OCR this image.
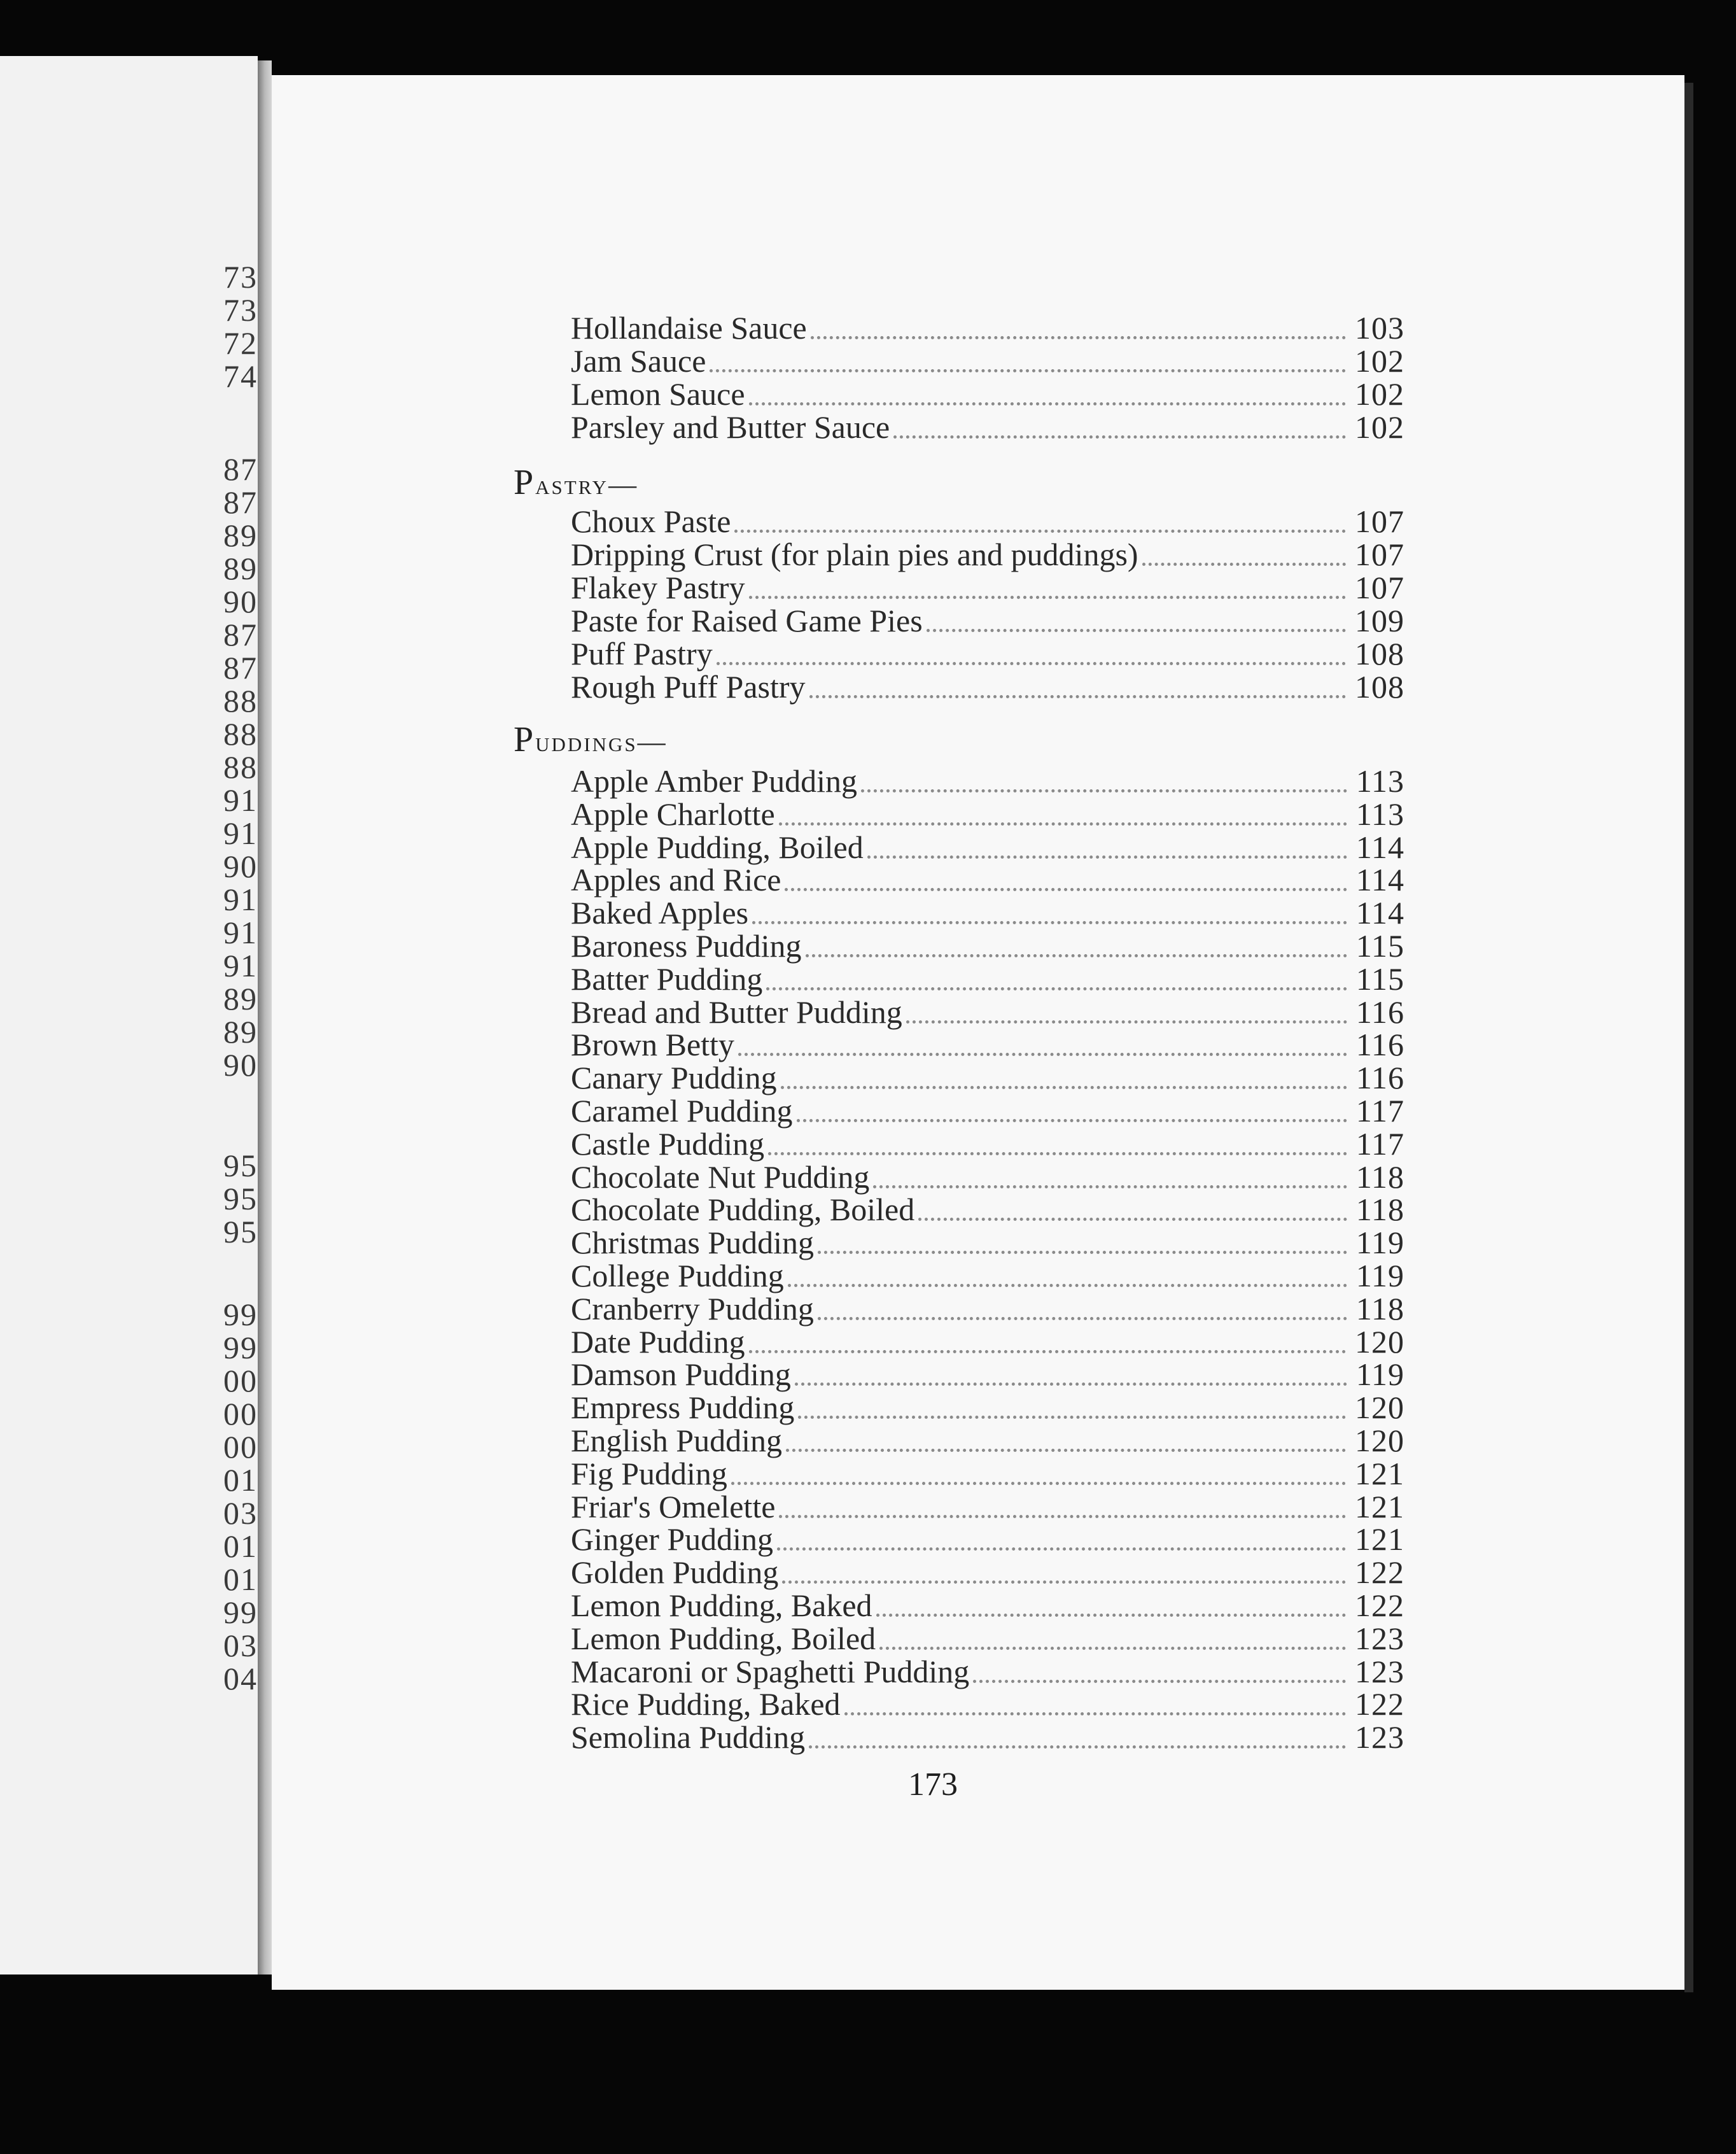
73
73
72
74
87
87
89
89
90
87
87
88
88
88
91
91
90
91
91
91
89
89
90
95
95
95
99
99
00
00
00
01
03
01
01
99
03
04
Hollandaise Sauce	103
Jam Sauce	102
Lemon Sauce	102
Parsley and Butter Sauce	102
Pastry—
Choux Paste	107
Dripping Crust (for plain pies and puddings)	107
Flakey Pastry	107
Paste for Raised Game Pies	109
Puff Pastry	108
Rough Puff Pastry	108
Puddings—
Apple Amber Pudding	113
Apple Charlotte	113
Apple Pudding, Boiled	114
Apples and Rice	114
Baked Apples	114
Baroness Pudding	115
Batter Pudding	115
Bread and Butter Pudding	116
Brown Betty	116
Canary Pudding	116
Caramel Pudding	117
Castle Pudding	117
Chocolate Nut Pudding	118
Chocolate Pudding, Boiled	118
Christmas Pudding	119
College Pudding	119
Cranberry Pudding	118
Date Pudding	120
Damson Pudding	119
Empress Pudding	120
English Pudding	120
Fig Pudding	121
Friar's Omelette	121
Ginger Pudding	121
Golden Pudding	122
Lemon Pudding, Baked	122
Lemon Pudding, Boiled	123
Macaroni or Spaghetti Pudding	123
Rice Pudding, Baked	122
Semolina Pudding	123
173
